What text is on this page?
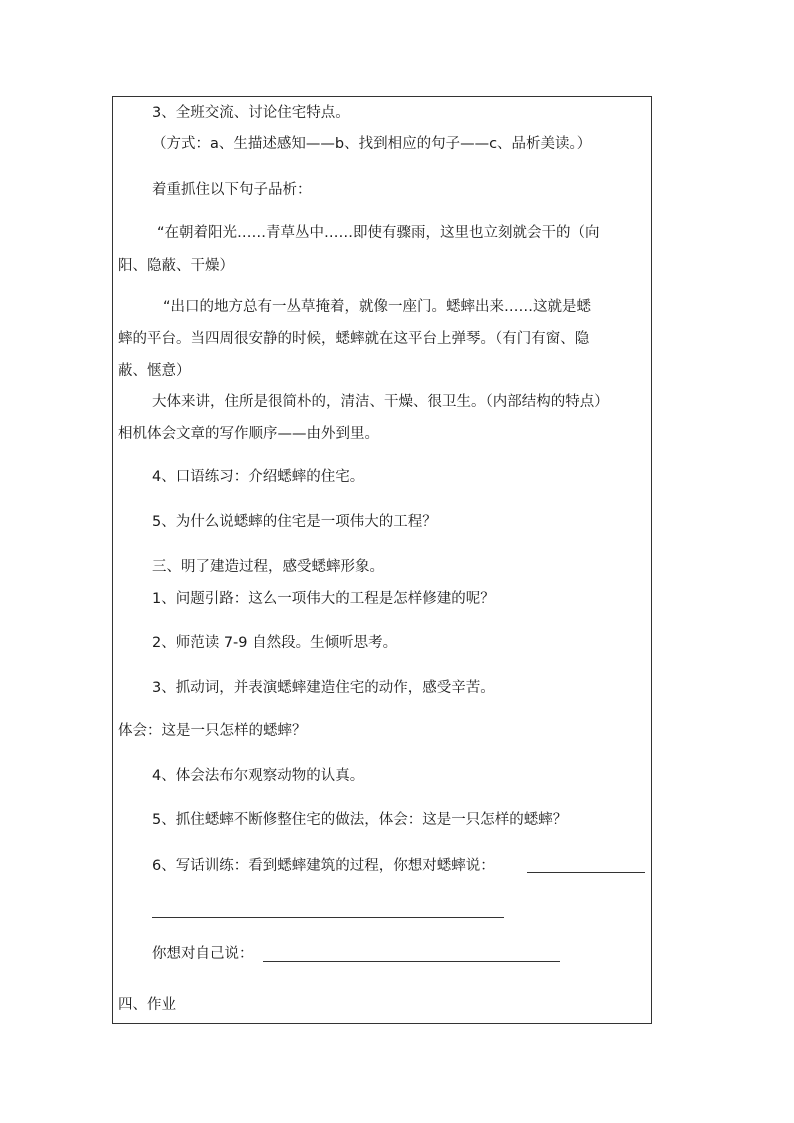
3、全班交流、讨论住宅特点。
（方式：a、生描述感知——b、找到相应的句子——c、品析美读。）
着重抓住以下句子品析：
“在朝着阳光……青草丛中……即使有骤雨，这里也立刻就会干的（向
阳、隐蔽、干燥）
“出口的地方总有一丛草掩着，就像一座门。蟋蟀出来……这就是蟋
蟀的平台。当四周很安静的时候，蟋蟀就在这平台上弹琴。（有门有窗、隐
蔽、惬意）
大体来讲，住所是很简朴的，清洁、干燥、很卫生。（内部结构的特点）
相机体会文章的写作顺序——由外到里。
4、口语练习：介绍蟋蟀的住宅。
5、为什么说蟋蟀的住宅是一项伟大的工程？
三、明了建造过程，感受蟋蟀形象。
1、问题引路：这么一项伟大的工程是怎样修建的呢？
2、师范读 7-9 自然段。生倾听思考。
3、抓动词，并表演蟋蟀建造住宅的动作，感受辛苦。
体会：这是一只怎样的蟋蟀？
4、体会法布尔观察动物的认真。
5、抓住蟋蟀不断修整住宅的做法，体会：这是一只怎样的蟋蟀？
6、写话训练：看到蟋蟀建筑的过程，你想对蟋蟀说：
你想对自己说：
四、作业
